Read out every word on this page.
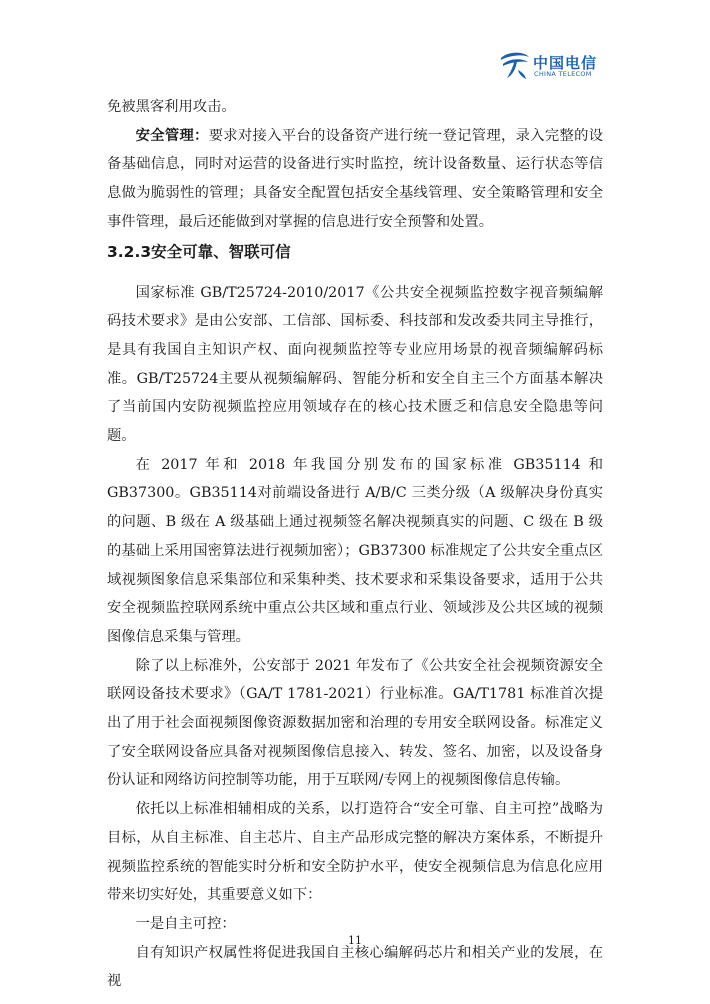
中国电信
CHINA TELECOM

免被黑客利用攻击。

安全管理：要求对接入平台的设备资产进行统一登记管理，录入完整的设备基础信息，同时对运营的设备进行实时监控，统计设备数量、运行状态等信息做为脆弱性的管理；具备安全配置包括安全基线管理、安全策略管理和安全事件管理，最后还能做到对掌握的信息进行安全预警和处置。

3.2.3安全可靠、智联可信

国家标准 GB/T25724-2010/2017《公共安全视频监控数字视音频编解码技术要求》是由公安部、工信部、国标委、科技部和发改委共同主导推行，是具有我国自主知识产权、面向视频监控等专业应用场景的视音频编解码标准。GB/T25724主要从视频编解码、智能分析和安全自主三个方面基本解决了当前国内安防视频监控应用领域存在的核心技术匮乏和信息安全隐患等问题。

在 2017 年和 2018 年我国分别发布的国家标准 GB35114 和 GB37300。GB35114对前端设备进行 A/B/C 三类分级（A 级解决身份真实的问题、B 级在 A 级基础上通过视频签名解决视频真实的问题、C 级在 B 级的基础上采用国密算法进行视频加密）；GB37300 标准规定了公共安全重点区域视频图象信息采集部位和采集种类、技术要求和采集设备要求，适用于公共安全视频监控联网系统中重点公共区域和重点行业、领域涉及公共区域的视频图像信息采集与管理。

除了以上标准外，公安部于 2021 年发布了《公共安全社会视频资源安全联网设备技术要求》（GA/T 1781-2021）行业标准。GA/T1781 标准首次提出了用于社会面视频图像资源数据加密和治理的专用安全联网设备。标准定义了安全联网设备应具备对视频图像信息接入、转发、签名、加密，以及设备身份认证和网络访问控制等功能，用于互联网/专网上的视频图像信息传输。

依托以上标准相辅相成的关系，以打造符合“安全可靠、自主可控”战略为目标，从自主标准、自主芯片、自主产品形成完整的解决方案体系，不断提升视频监控系统的智能实时分析和安全防护水平，使安全视频信息为信息化应用带来切实好处，其重要意义如下：

一是自主可控：

自有知识产权属性将促进我国自主核心编解码芯片和相关产业的发展，在视

11
